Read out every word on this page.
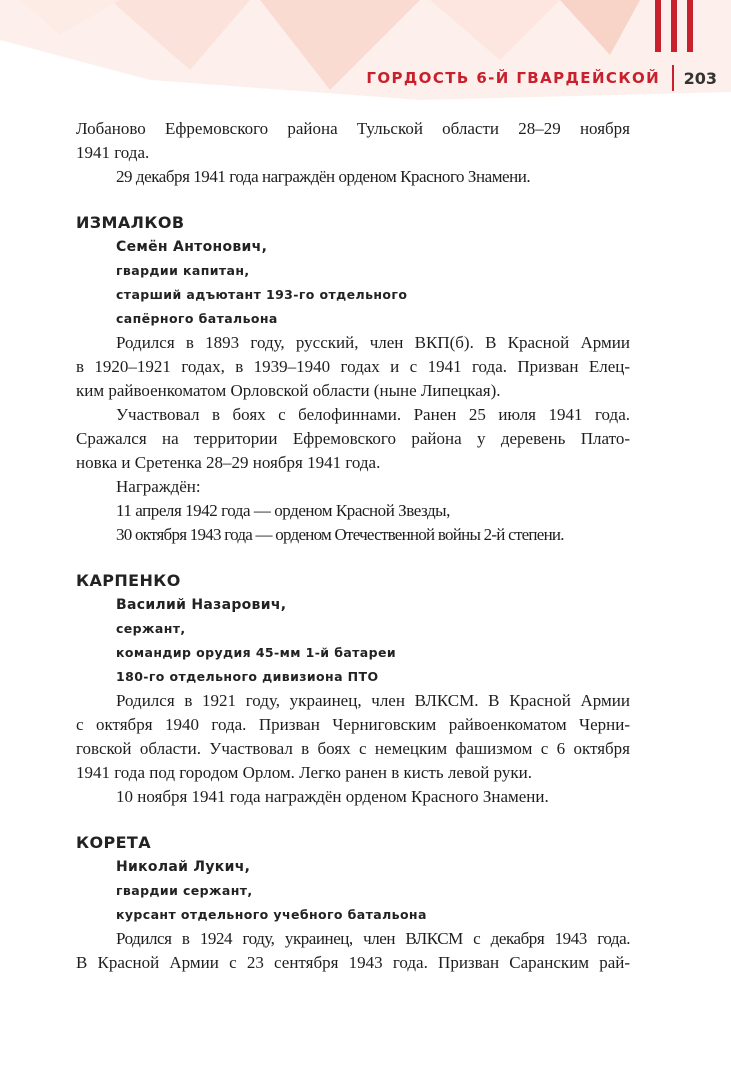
ГОРДОСТЬ 6-Й ГВАРДЕЙСКОЙ 203

Лобаново Ефремовского района Тульской области 28–29 ноября

1941 года.

29 декабря 1941 года награждён орденом Красного Знамени.

ИЗМАЛКОВ

Семён Антонович,

гвардии капитан,

старший адъютант 193-го отдельного

сапёрного батальона

Родился в 1893 году, русский, член ВКП(б). В Красной Армии

в 1920–1921 годах, в 1939–1940 годах и с 1941 года. Призван Елец-

ким райвоенкоматом Орловской области (ныне Липецкая).

Участвовал в боях с белофиннами. Ранен 25 июля 1941 года.

Сражался на территории Ефремовского района у деревень Плато-

новка и Сретенка 28–29 ноября 1941 года.

Награждён:

11 апреля 1942 года — орденом Красной Звезды,

30 октября 1943 года — орденом Отечественной войны 2-й степени.

КАРПЕНКО

Василий Назарович,

сержант,

командир орудия 45-мм 1-й батареи

180-го отдельного дивизиона ПТО

Родился в 1921 году, украинец, член ВЛКСМ. В Красной Армии

с октября 1940 года. Призван Черниговским райвоенкоматом Черни-

говской области. Участвовал в боях с немецким фашизмом с 6 октября

1941 года под городом Орлом. Легко ранен в кисть левой руки.

10 ноября 1941 года награждён орденом Красного Знамени.

КОРЕТА

Николай Лукич,

гвардии сержант,

курсант отдельного учебного батальона

Родился в 1924 году, украинец, член ВЛКСМ с декабря 1943 года.

В Красной Армии с 23 сентября 1943 года. Призван Саранским рай-
